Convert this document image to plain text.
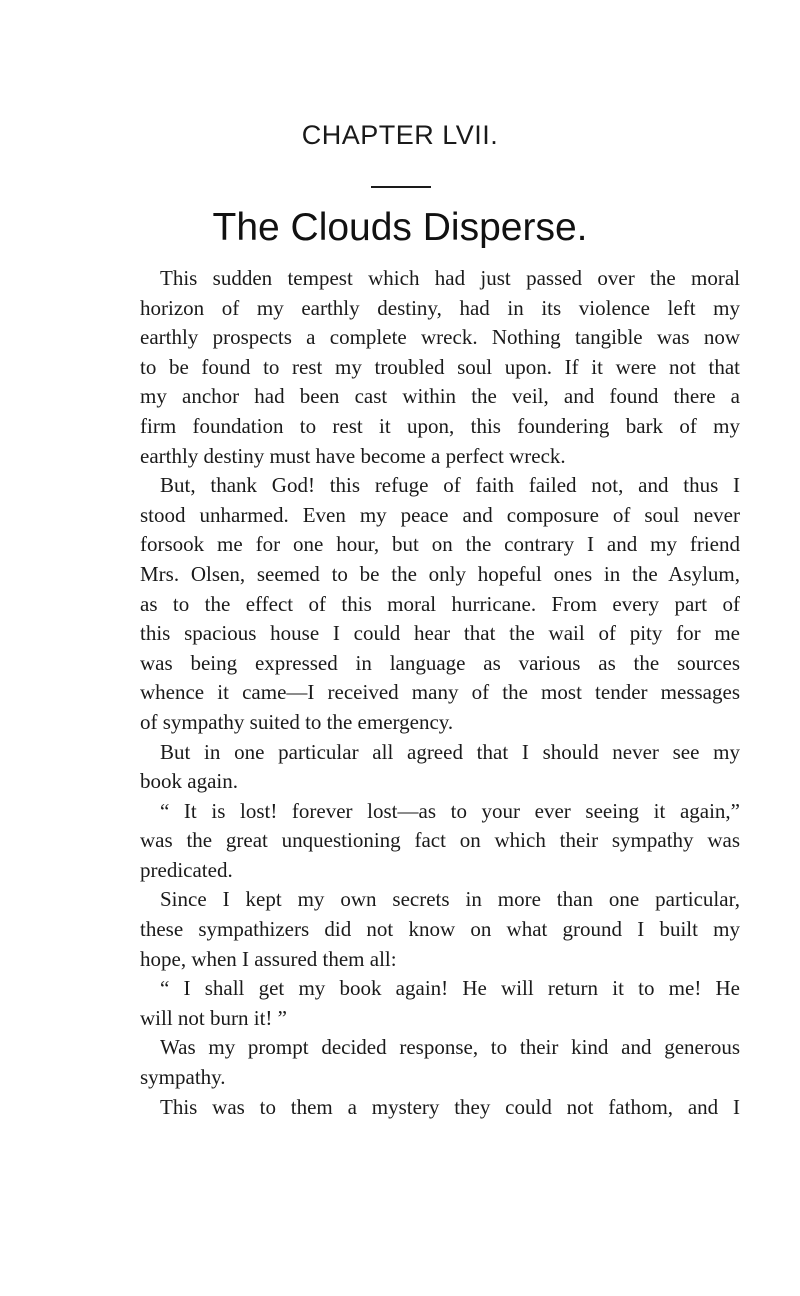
CHAPTER LVII.
The Clouds Disperse.
This sudden tempest which had just passed over the moral
horizon of my earthly destiny, had in its violence left my
earthly prospects a complete wreck. Nothing tangible was now
to be found to rest my troubled soul upon. If it were not that
my anchor had been cast within the veil, and found there a
firm foundation to rest it upon, this foundering bark of my
earthly destiny must have become a perfect wreck.
But, thank God! this refuge of faith failed not, and thus I
stood unharmed. Even my peace and composure of soul never
forsook me for one hour, but on the contrary I and my friend
Mrs. Olsen, seemed to be the only hopeful ones in the Asylum,
as to the effect of this moral hurricane. From every part of
this spacious house I could hear that the wail of pity for me
was being expressed in language as various as the sources
whence it came—I received many of the most tender messages
of sympathy suited to the emergency.
But in one particular all agreed that I should never see my
book again.
“ It is lost! forever lost—as to your ever seeing it again,”
was the great unquestioning fact on which their sympathy was
predicated.
Since I kept my own secrets in more than one particular,
these sympathizers did not know on what ground I built my
hope, when I assured them all:
“ I shall get my book again! He will return it to me! He
will not burn it! ”
Was my prompt decided response, to their kind and generous
sympathy.
This was to them a mystery they could not fathom, and I
